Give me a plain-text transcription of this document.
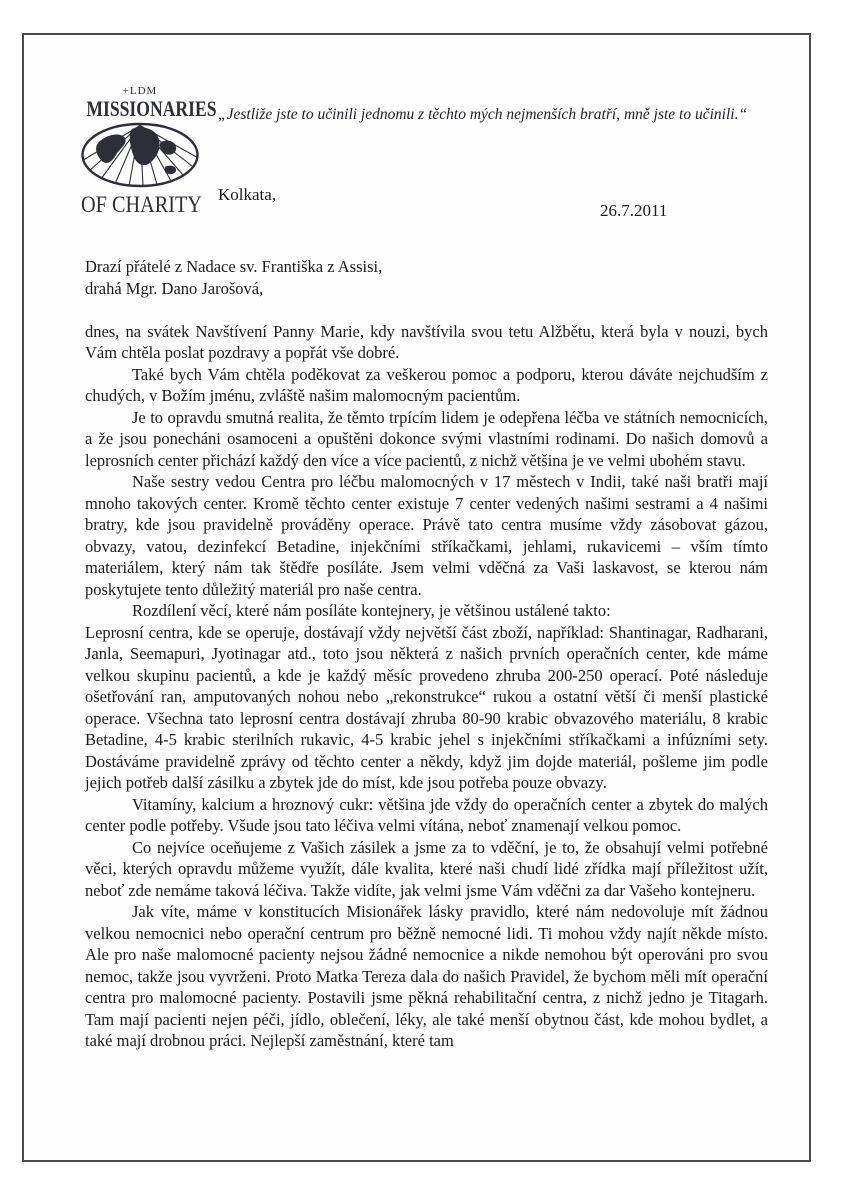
+LDM
MISSIONARIES
OF CHARITY
„Jestliže jste to učinili jednomu z těchto mých nejmenších bratří, mně jste to učinili.“
Kolkata,
26.7.2011
Drazí přátelé z Nadace sv. Františka z Assisi,
drahá Mgr. Dano Jarošová,

dnes, na svátek Navštívení Panny Marie, kdy navštívila svou tetu Alžbětu, která byla v nouzi, bych Vám chtěla poslat pozdravy a popřát vše dobré.

Také bych Vám chtěla poděkovat za veškerou pomoc a podporu, kterou dáváte nejchudším z chudých, v Božím jménu, zvláště našim malomocným pacientům.

Je to opravdu smutná realita, že těmto trpícím lidem je odepřena léčba ve státních nemocnicích, a že jsou ponecháni osamoceni a opuštěni dokonce svými vlastními rodinami. Do našich domovů a leprosních center přichází každý den více a více pacientů, z nichž většina je ve velmi ubohém stavu.

Naše sestry vedou Centra pro léčbu malomocných v 17 městech v Indii, také naši bratři mají mnoho takových center. Kromě těchto center existuje 7 center vedených našimi sestrami a 4 našimi bratry, kde jsou pravidelně prováděny operace. Právě tato centra musíme vždy zásobovat gázou, obvazy, vatou, dezinfekcí Betadine, injekčními stříkačkami, jehlami, rukavicemi – vším tímto materiálem, který nám tak štědře posíláte. Jsem velmi vděčná za Vaši laskavost, se kterou nám poskytujete tento důležitý materiál pro naše centra.

Rozdílení věcí, které nám posíláte kontejnery, je většinou ustálené takto:

Leprosní centra, kde se operuje, dostávají vždy největší část zboží, například: Shantinagar, Radharani, Janla, Seemapuri, Jyotinagar atd., toto jsou některá z našich prvních operačních center, kde máme velkou skupinu pacientů, a kde je každý měsíc provedeno zhruba 200-250 operací. Poté následuje ošetřování ran, amputovaných nohou nebo „rekonstrukce“ rukou a ostatní větší či menší plastické operace. Všechna tato leprosní centra dostávají zhruba 80-90 krabic obvazového materiálu, 8 krabic Betadine, 4-5 krabic sterilních rukavic, 4-5 krabic jehel s injekčními stříkačkami a infúzními sety. Dostáváme pravidelně zprávy od těchto center a někdy, když jim dojde materiál, pošleme jim podle jejich potřeb další zásilku a zbytek jde do míst, kde jsou potřeba pouze obvazy.

Vitamíny, kalcium a hroznový cukr: většina jde vždy do operačních center a zbytek do malých center podle potřeby. Všude jsou tato léčiva velmi vítána, neboť znamenají velkou pomoc.

Co nejvíce oceňujeme z Vašich zásilek a jsme za to vděční, je to, že obsahují velmi potřebné věci, kterých opravdu můžeme využít, dále kvalita, které naši chudí lidé zřídka mají příležitost užít, neboť zde nemáme taková léčiva. Takže vidíte, jak velmi jsme Vám vděčni za dar Vašeho kontejneru.

Jak víte, máme v konstitucích Misionářek lásky pravidlo, které nám nedovoluje mít žádnou velkou nemocnici nebo operační centrum pro běžně nemocné lidi. Ti mohou vždy najít někde místo. Ale pro naše malomocné pacienty nejsou žádné nemocnice a nikde nemohou být operováni pro svou nemoc, takže jsou vyvrženi. Proto Matka Tereza dala do našich Pravidel, že bychom měli mít operační centra pro malomocné pacienty. Postavili jsme pěkná rehabilitační centra, z nichž jedno je Titagarh. Tam mají pacienti nejen péči, jídlo, oblečení, léky, ale také menší obytnou část, kde mohou bydlet, a také mají drobnou práci. Nejlepší zaměstnání, které tam
